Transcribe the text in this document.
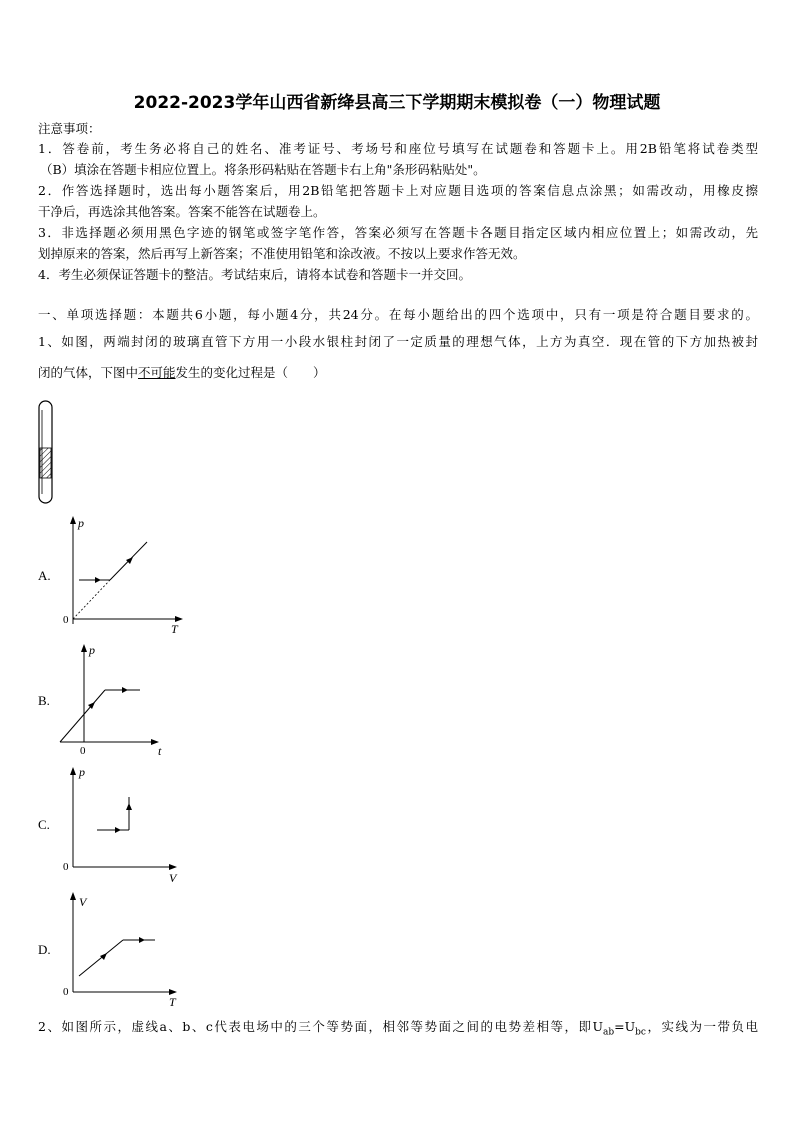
2022-2023学年山西省新绛县高三下学期期末模拟卷（一）物理试题
注意事项：
1．答卷前，考生务必将自己的姓名、准考证号、考场号和座位号填写在试题卷和答题卡上。用2B铅笔将试卷类型
（B）填涂在答题卡相应位置上。将条形码粘贴在答题卡右上角"条形码粘贴处"。
2．作答选择题时，选出每小题答案后，用2B铅笔把答题卡上对应题目选项的答案信息点涂黑；如需改动，用橡皮擦
干净后，再选涂其他答案。答案不能答在试题卷上。
3．非选择题必须用黑色字迹的钢笔或签字笔作答，答案必须写在答题卡各题目指定区域内相应位置上；如需改动，先
划掉原来的答案，然后再写上新答案；不准使用铅笔和涂改液。不按以上要求作答无效。
4．考生必须保证答题卡的整洁。考试结束后，请将本试卷和答题卡一并交回。
一、单项选择题：本题共6小题，每小题4分，共24分。在每小题给出的四个选项中，只有一项是符合题目要求的。
1、如图，两端封闭的玻璃直管下方用一小段水银柱封闭了一定质量的理想气体，上方为真空．现在管的下方加热被封
闭的气体，下图中不可能发生的变化过程是（　　）
A.
p
T
0
B.
p
t
0
C.
p
V
0
D.
V
T
0
2、如图所示，虚线a、b、c代表电场中的三个等势面，相邻等势面之间的电势差相等，即$U_{ab}=U_{bc}$，实线为一带负电
